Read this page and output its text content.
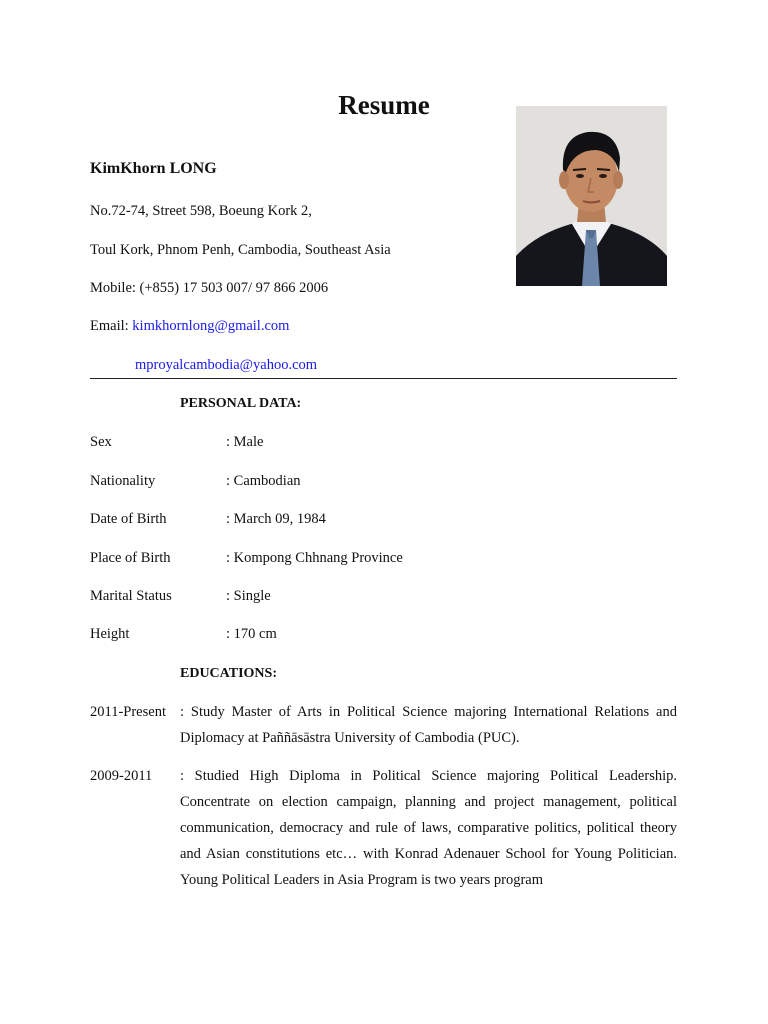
Resume
KimKhorn LONG
No.72-74, Street 598, Boeung Kork 2,
Toul Kork, Phnom Penh, Cambodia, Southeast Asia
Mobile: (+855) 17 503 007/ 97 866 2006
Email: kimkhornlong@gmail.com
mproyalcambodia@yahoo.com
PERSONAL DATA:
Sex	: Male
Nationality	: Cambodian
Date of Birth	: March 09, 1984
Place of Birth	: Kompong Chhnang Province
Marital Status	: Single
Height	: 170 cm
EDUCATIONS:
2011-Present : Study Master of Arts in Political Science majoring International Relations and Diplomacy at Paññāsāstra University of Cambodia (PUC).
2009-2011 : Studied High Diploma in Political Science majoring Political Leadership. Concentrate on election campaign, planning and project management, political communication, democracy and rule of laws, comparative politics, political theory and Asian constitutions etc… with Konrad Adenauer School for Young Politician. Young Political Leaders in Asia Program is two years program
